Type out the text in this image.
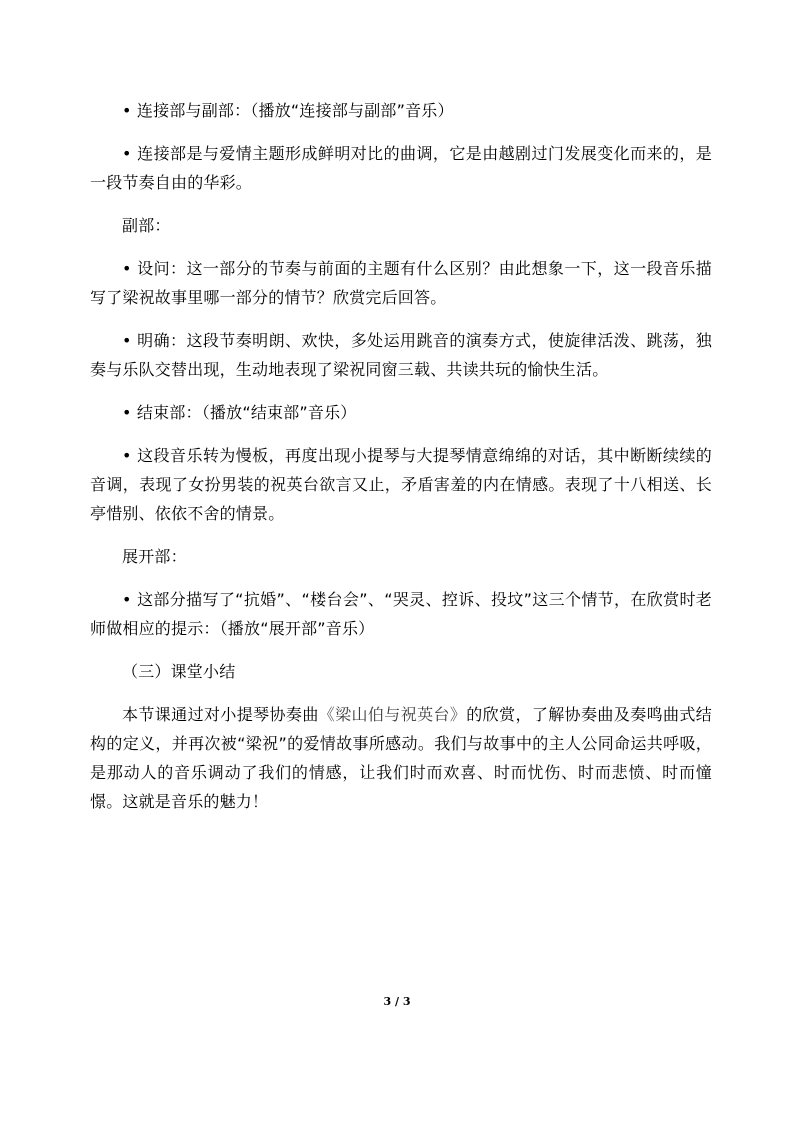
• 连接部与副部：（播放“连接部与副部”音乐）

• 连接部是与爱情主题形成鲜明对比的曲调，它是由越剧过门发展变化而来的，是一段节奏自由的华彩。

副部：

• 设问：这一部分的节奏与前面的主题有什么区别？由此想象一下，这一段音乐描写了梁祝故事里哪一部分的情节？欣赏完后回答。

• 明确：这段节奏明朗、欢快，多处运用跳音的演奏方式，使旋律活泼、跳荡，独奏与乐队交替出现，生动地表现了梁祝同窗三载、共读共玩的愉快生活。

• 结束部：（播放“结束部”音乐）

• 这段音乐转为慢板，再度出现小提琴与大提琴情意绵绵的对话，其中断断续续的音调，表现了女扮男装的祝英台欲言又止，矛盾害羞的内在情感。表现了十八相送、长亭惜别、依依不舍的情景。

展开部：

• 这部分描写了“抗婚”、“楼台会”、“哭灵、控诉、投坟”这三个情节，在欣赏时老师做相应的提示：（播放“展开部”音乐）

（三）课堂小结

本节课通过对小提琴协奏曲《梁山伯与祝英台》的欣赏，了解协奏曲及奏鸣曲式结构的定义，并再次被“梁祝”的爱情故事所感动。我们与故事中的主人公同命运共呼吸，是那动人的音乐调动了我们的情感，让我们时而欢喜、时而忧伤、时而悲愤、时而憧憬。这就是音乐的魅力！

3 / 3
